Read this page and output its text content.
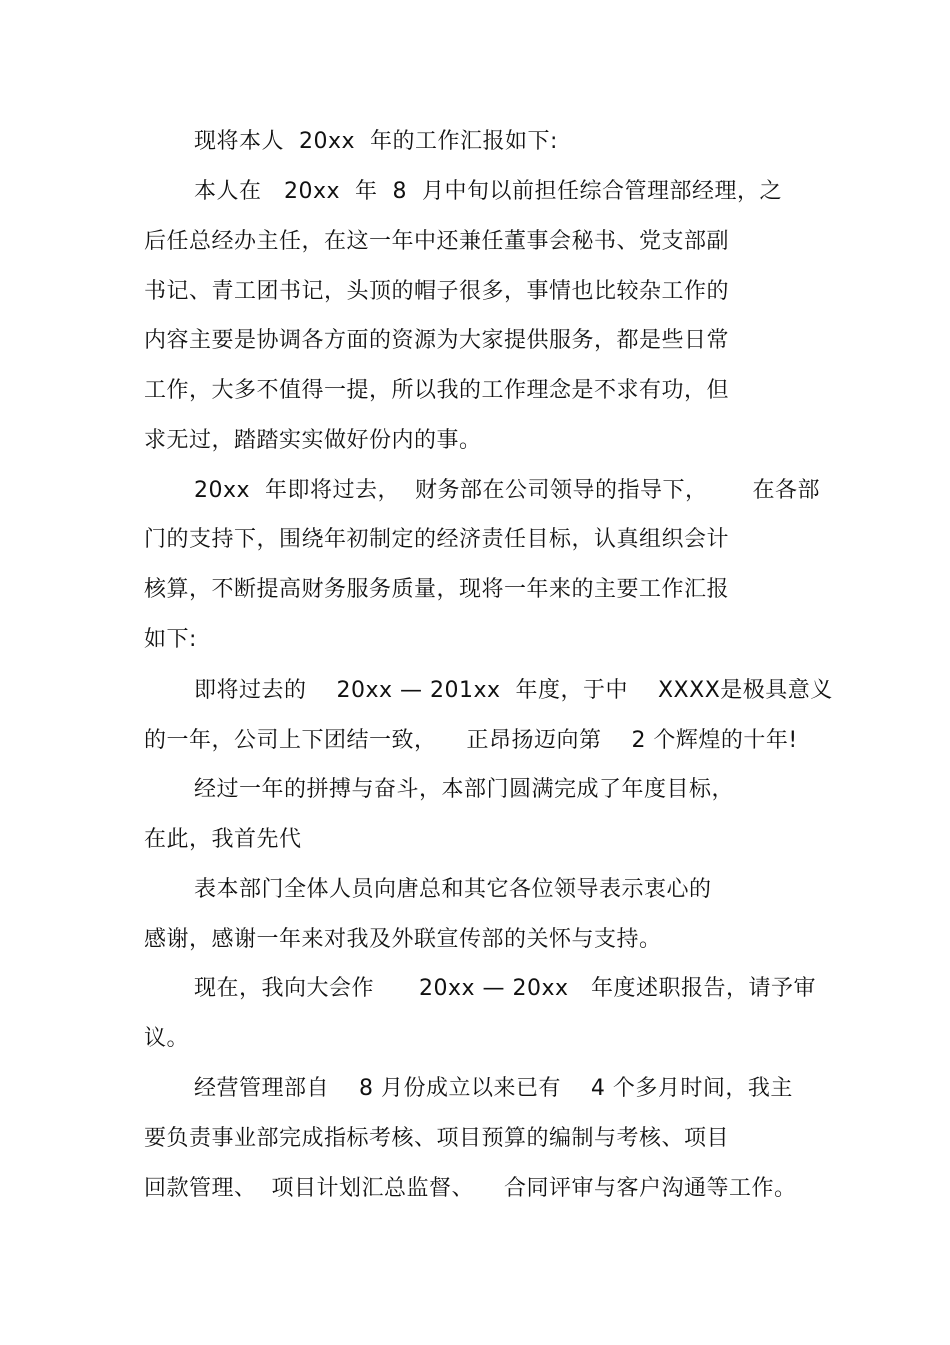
现将本人  20xx  年的工作汇报如下:
本人在   20xx  年  8  月中旬以前担任综合管理部经理，之
后任总经办主任，在这一年中还兼任董事会秘书、党支部副
书记、青工团书记，头顶的帽子很多，事情也比较杂工作的
内容主要是协调各方面的资源为大家提供服务，都是些日常
工作，大多不值得一提，所以我的工作理念是不求有功，但
求无过，踏踏实实做好份内的事。
20xx  年即将过去，  财务部在公司领导的指导下，      在各部
门的支持下，围绕年初制定的经济责任目标，认真组织会计
核算，不断提高财务服务质量，现将一年来的主要工作汇报
如下:
即将过去的    20xx — 201xx  年度，于中    XXXX是极具意义
的一年，公司上下团结一致，    正昂扬迈向第    2 个辉煌的十年!
经过一年的拼搏与奋斗，本部门圆满完成了年度目标，
在此，我首先代
表本部门全体人员向唐总和其它各位领导表示衷心的
感谢，感谢一年来对我及外联宣传部的关怀与支持。
现在，我向大会作      20xx — 20xx   年度述职报告，请予审
议。
经营管理部自    8 月份成立以来已有    4 个多月时间，我主
要负责事业部完成指标考核、项目预算的编制与考核、项目
回款管理、  项目计划汇总监督、    合同评审与客户沟通等工作。
